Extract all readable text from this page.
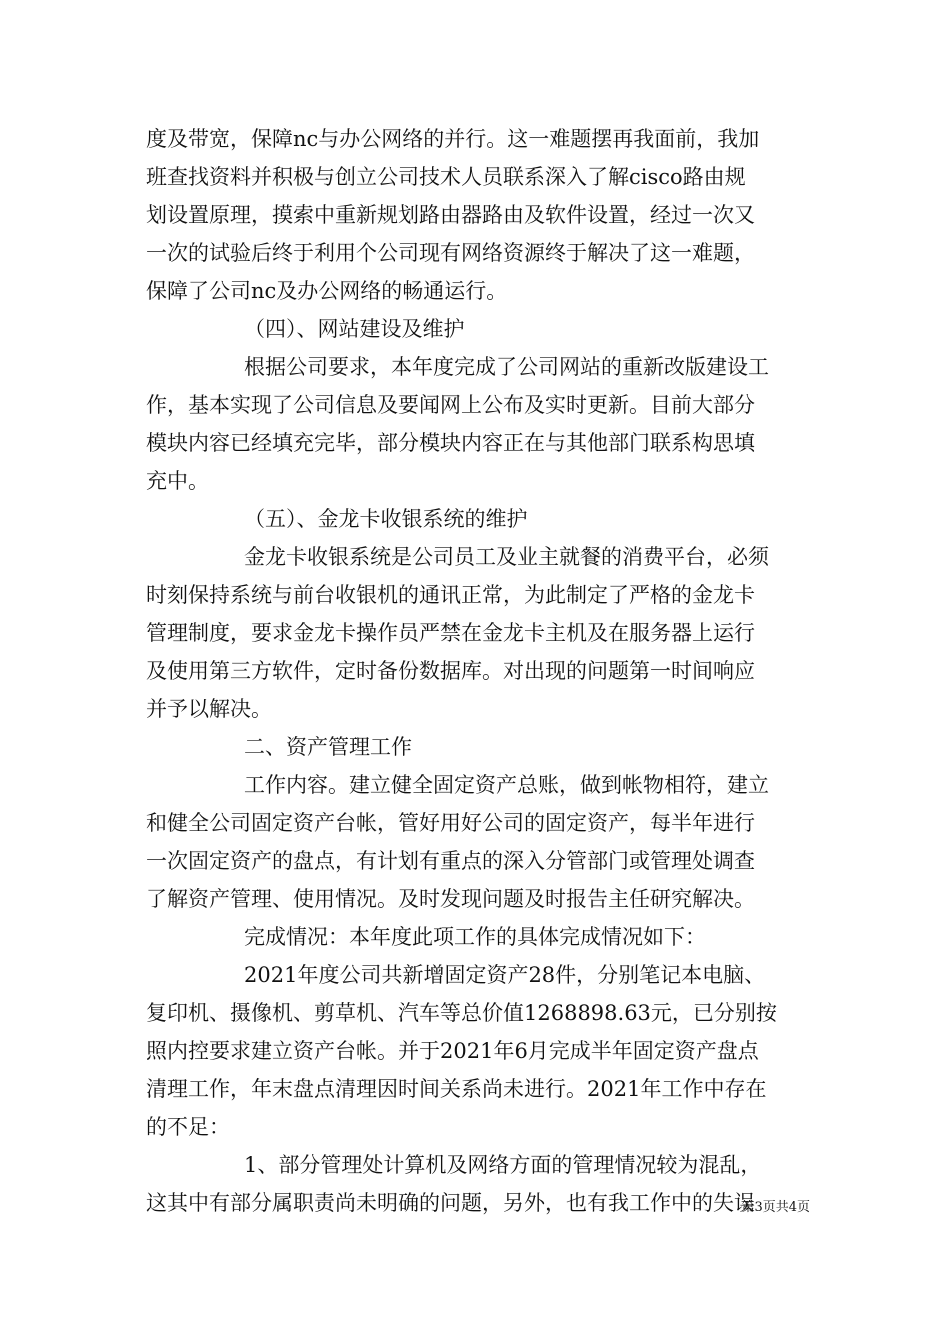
度及带宽，保障nc与办公网络的并行。这一难题摆再我面前，我加
班查找资料并积极与创立公司技术人员联系深入了解cisco路由规
划设置原理，摸索中重新规划路由器路由及软件设置，经过一次又
一次的试验后终于利用个公司现有网络资源终于解决了这一难题，
保障了公司nc及办公网络的畅通运行。
（四）、网站建设及维护
根据公司要求，本年度完成了公司网站的重新改版建设工
作，基本实现了公司信息及要闻网上公布及实时更新。目前大部分
模块内容已经填充完毕，部分模块内容正在与其他部门联系构思填
充中。
（五）、金龙卡收银系统的维护
金龙卡收银系统是公司员工及业主就餐的消费平台，必须
时刻保持系统与前台收银机的通讯正常，为此制定了严格的金龙卡
管理制度，要求金龙卡操作员严禁在金龙卡主机及在服务器上运行
及使用第三方软件，定时备份数据库。对出现的问题第一时间响应
并予以解决。
二、资产管理工作
工作内容。建立健全固定资产总账，做到帐物相符，建立
和健全公司固定资产台帐，管好用好公司的固定资产，每半年进行
一次固定资产的盘点，有计划有重点的深入分管部门或管理处调查
了解资产管理、使用情况。及时发现问题及时报告主任研究解决。
完成情况：本年度此项工作的具体完成情况如下：
2021年度公司共新增固定资产28件，分别笔记本电脑、
复印机、摄像机、剪草机、汽车等总价值1268898.63元，已分别按
照内控要求建立资产台帐。并于2021年6月完成半年固定资产盘点
清理工作，年末盘点清理因时间关系尚未进行。2021年工作中存在
的不足：
1、部分管理处计算机及网络方面的管理情况较为混乱，
这其中有部分属职责尚未明确的问题，另外，也有我工作中的失误
第3页共4页
